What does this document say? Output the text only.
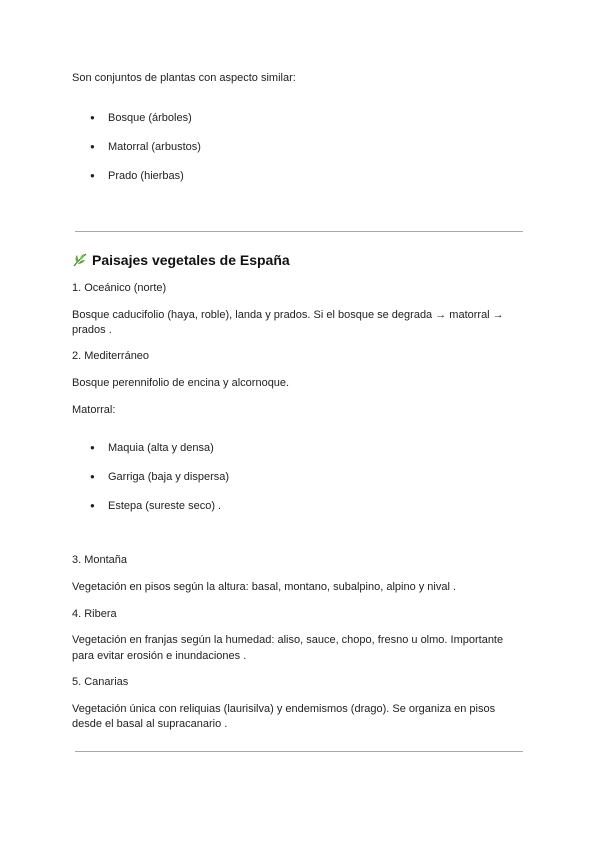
Son conjuntos de plantas con aspecto similar:

● Bosque (árboles)
● Matorral (arbustos)
● Prado (hierbas)
Paisajes vegetales de España

1. Oceánico (norte)

Bosque caducifolio (haya, roble), landa y prados. Si el bosque se degrada → matorral →

prados .

2. Mediterráneo

Bosque perennifolio de encina y alcornoque.

Matorral:

● Maquia (alta y densa)
● Garriga (baja y dispersa)
● Estepa (sureste seco) .

3. Montaña

Vegetación en pisos según la altura: basal, montano, subalpino, alpino y nival .

4. Ribera

Vegetación en franjas según la humedad: aliso, sauce, chopo, fresno u olmo. Importante

para evitar erosión e inundaciones .

5. Canarias

Vegetación única con reliquias (laurisilva) y endemismos (drago). Se organiza en pisos

desde el basal al supracanario .
